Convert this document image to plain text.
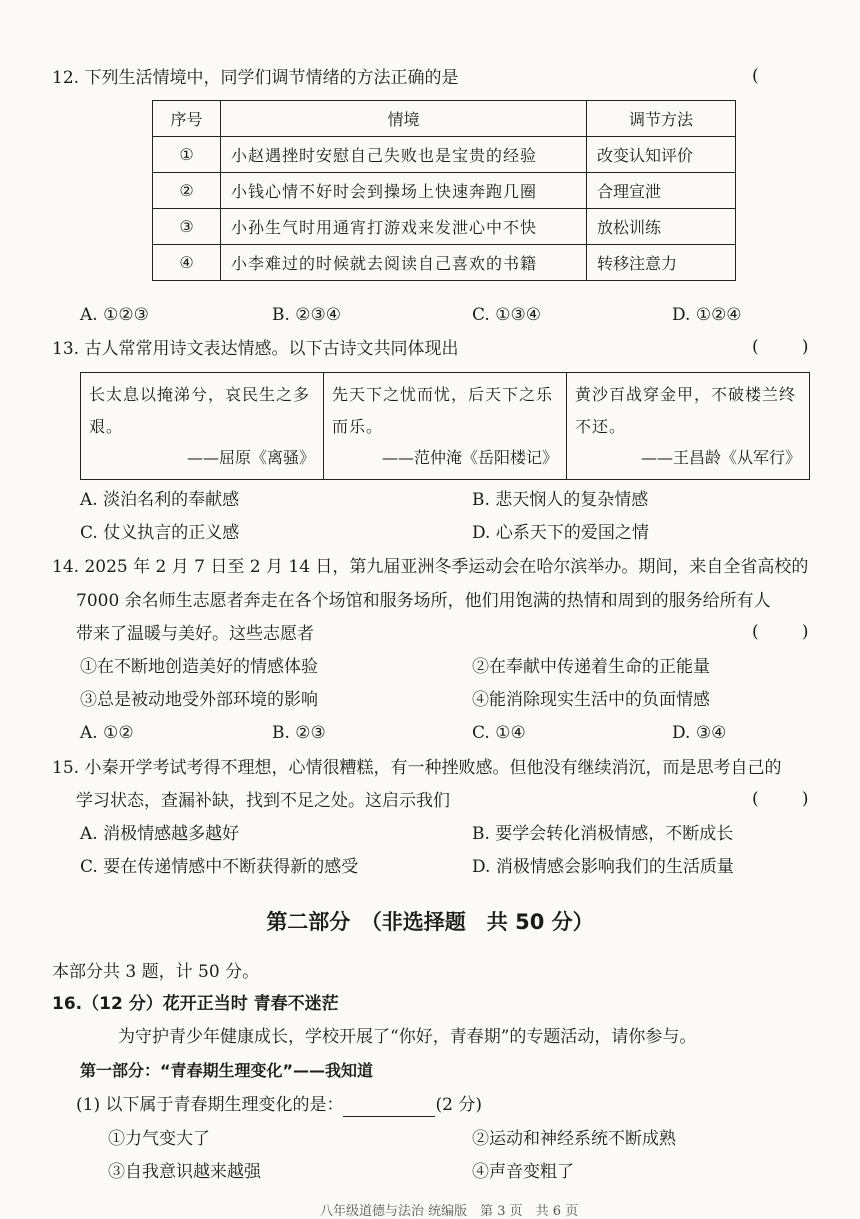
12. 下列生活情境中，同学们调节情绪的方法正确的是	(
序号	情境	调节方法
①	小赵遇挫时安慰自己失败也是宝贵的经验	改变认知评价
②	小钱心情不好时会到操场上快速奔跑几圈	合理宣泄
③	小孙生气时用通宵打游戏来发泄心中不快	放松训练
④	小李难过的时候就去阅读自己喜欢的书籍	转移注意力
A. ①②③	B. ②③④	C. ①③④	D. ①②④
13. 古人常常用诗文表达情感。以下古诗文共同体现出	(        )
长太息以掩涕兮，哀民生之多艰。
——屈原《离骚》

先天下之忧而忧，后天下之乐而乐。
——范仲淹《岳阳楼记》

黄沙百战穿金甲，不破楼兰终不还。
——王昌龄《从军行》
A. 淡泊名利的奉献感	B. 悲天悯人的复杂情感
C. 仗义执言的正义感	D. 心系天下的爱国之情
14. 2025 年 2 月 7 日至 2 月 14 日，第九届亚洲冬季运动会在哈尔滨举办。期间，来自全省高校的
7000 余名师生志愿者奔走在各个场馆和服务场所，他们用饱满的热情和周到的服务给所有人
带来了温暖与美好。这些志愿者	(        )
①在不断地创造美好的情感体验	②在奉献中传递着生命的正能量
③总是被动地受外部环境的影响	④能消除现实生活中的负面情感
A. ①②	B. ②③	C. ①④	D. ③④
15. 小秦开学考试考得不理想，心情很糟糕，有一种挫败感。但他没有继续消沉，而是思考自己的
学习状态，查漏补缺，找到不足之处。这启示我们	(        )
A. 消极情感越多越好	B. 要学会转化消极情感，不断成长
C. 要在传递情感中不断获得新的感受	D. 消极情感会影响我们的生活质量
第二部分　（非选择题　共 50 分）
本部分共 3 题，计 50 分。
16.（12 分）花开正当时 青春不迷茫
为守护青少年健康成长，学校开展了“你好，青春期”的专题活动，请你参与。
第一部分：“青春期生理变化”——我知道
(1) 以下属于青春期生理变化的是：	(2 分)
①力气变大了	②运动和神经系统不断成熟
③自我意识越来越强	④声音变粗了
八年级道德与法治 统编版　第 3 页　共 6 页
